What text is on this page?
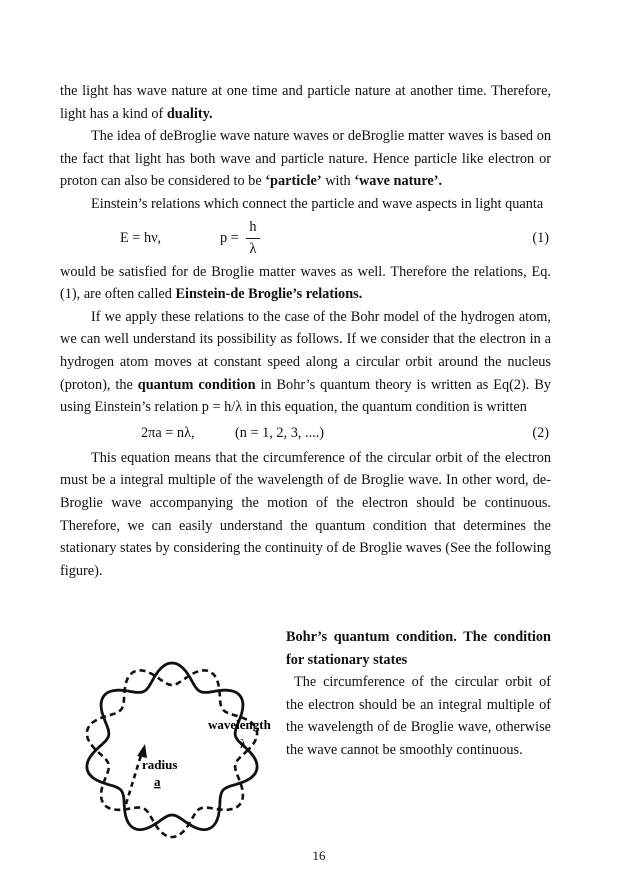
the light has wave nature at one time and particle nature at another time. Therefore, light has a kind of duality.

The idea of deBroglie wave nature waves or deBroglie matter waves is based on the fact that light has both wave and particle nature. Hence particle like electron or proton can also be considered to be ‘particle’ with ‘wave nature’.

Einstein’s relations which connect the particle and wave aspects in light quanta

E = hν,	p =
h
λ
(1)

would be satisfied for de Broglie matter waves as well. Therefore the relations, Eq.(1), are often called Einstein-de Broglie’s relations.

If we apply these relations to the case of the Bohr model of the hydrogen atom, we can well understand its possibility as follows. If we consider that the electron in a hydrogen atom moves at constant speed along a circular orbit around the nucleus (proton), the quantum condition in Bohr’s quantum theory is written as Eq(2). By using Einstein’s relation p = h/λ in this equation, the quantum condition is written

2πa = nλ,	(n = 1, 2, 3, ....)	(2)

This equation means that the circumference of the circular orbit of the electron must be a integral multiple of the wavelength of de Broglie wave. In other word, de-Broglie wave accompanying the motion of the electron should be continuous. Therefore, we can easily understand the quantum condition that determines the stationary states by considering the continuity of de Broglie waves (See the following figure).

radius
a
wavelength
λ

Bohr’s quantum condition. The condition for stationary states

The circumference of the circular orbit of the electron should be an integral multiple of the wavelength of de Broglie wave, otherwise the wave cannot be smoothly continuous.

16
